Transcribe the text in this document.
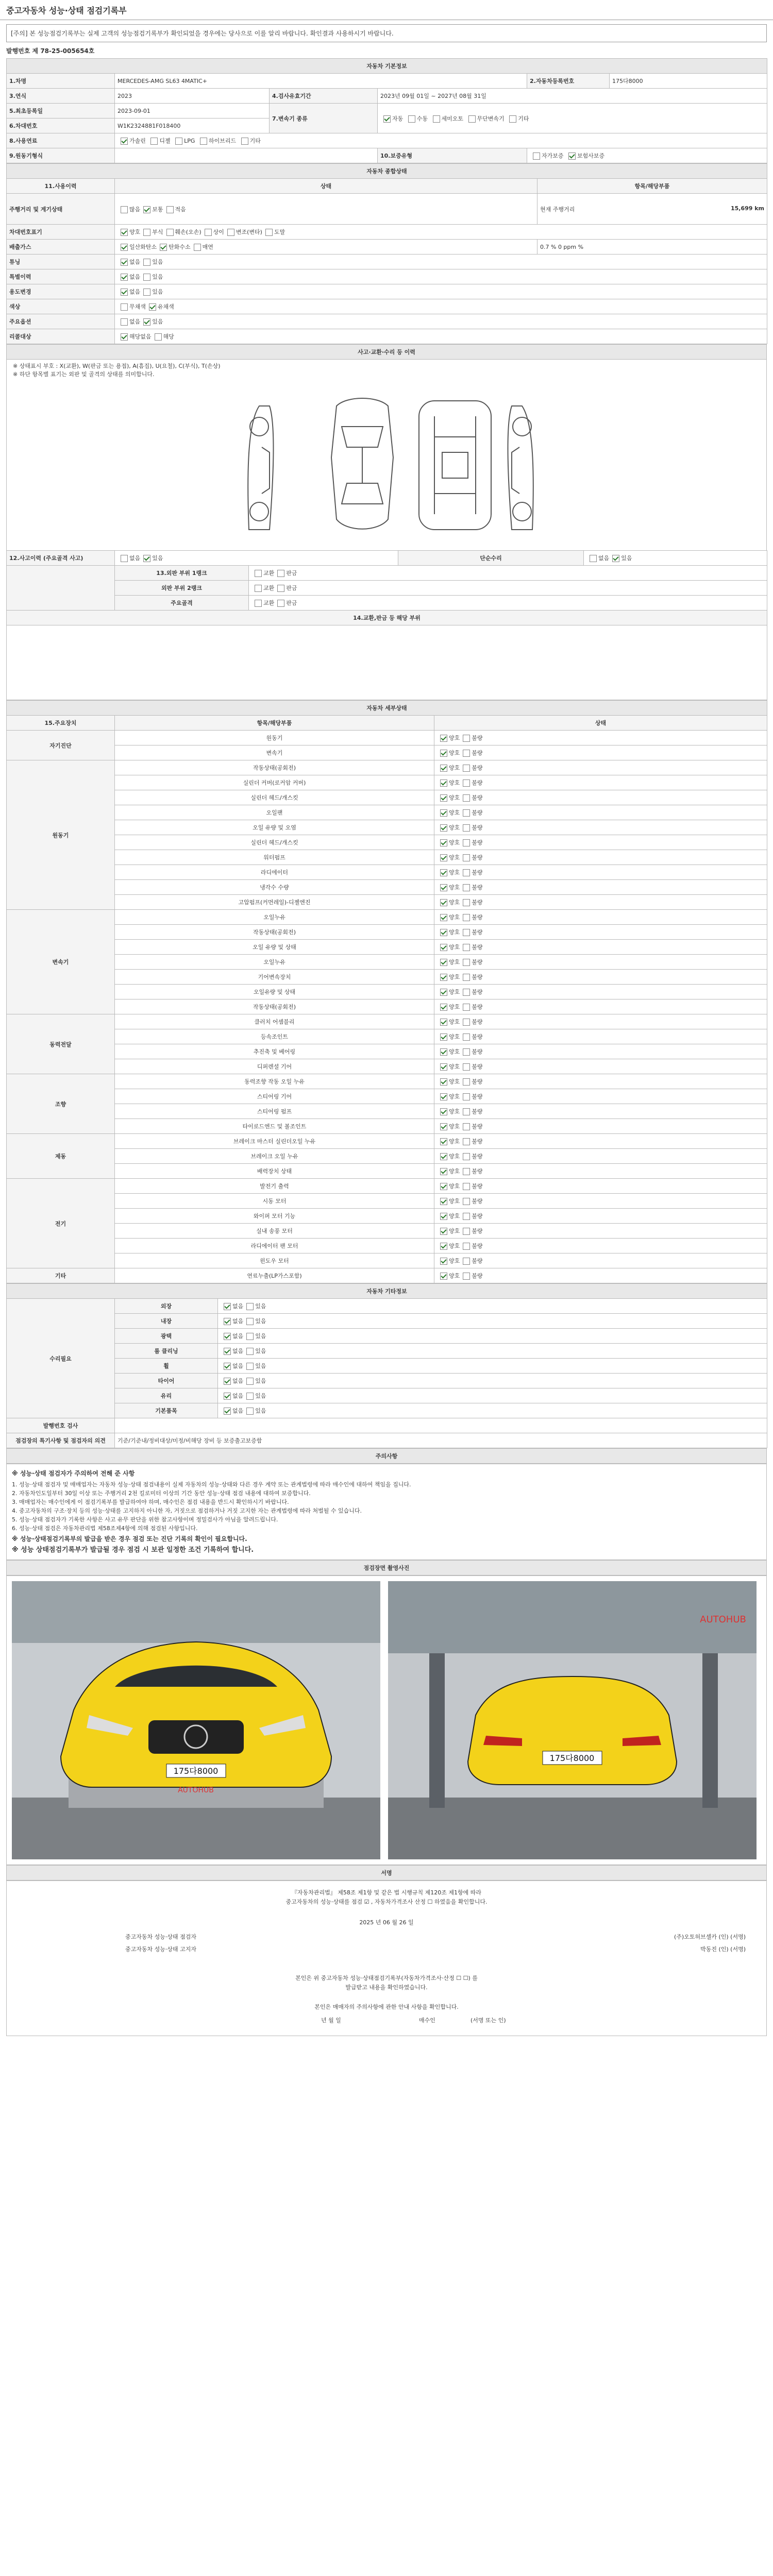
중고자동차 성능·상태 점검기록부
[주의] 본 성능점검기록부는 실제 고객의 성능점검기록부가 확인되었을 경우에는 당사으로 이를 알리 바랍니다. 확인결과 사용하시기 바랍니다.
발행번호 제 78-25-005654호
자동차 기본정보					
1.차명	MERCEDES-AMG SL63 4MATIC+			2.자동차등록번호	175다8000
3.연식	2023	4.검사유효기간	2023년 09월 01일 ~ 2027년 08월 31일		
5.최초등록일	2023-09-01	7.변속기 종류	자동 수동 세미오토 무단변속기 기타		
6.차대번호	W1K2324881F018400				
8.사용연료	가솔린 디젤 LPG 하이브리드 기타				
9.원동기형식			10.보증유형	자가보증 보험사보증	
자동차 종합상태		
11.사용이력	상태	항목/해당부품
주행거리 및 계기상태	많음 보통 적음	현재 주행거리 15,699 km

차대번호표기	양호 부식 훼손(오손) 상이 변조(변타) 도말	
배출가스	일산화탄소 탄화수소 매연	0.7 % 0 ppm %
튜닝	없음 있음	
특별이력	없음 있음	
용도변경	없음 있음	
색상	무채색 유채색	
주요옵션	없음 있음	
리콜대상	해당없음 해당	
사고·교환·수리 등 이력
※ 상태표시 부호 : X(교환), W(판금 또는 용접), A(흠집), U(요철), C(부식), T(손상)
※ 하단 항목별 표기는 외판 및 골격의 상태를 의미합니다.
12.사고이력 (주요골격 사고)	없음 있음		단순수리	없음 있음
	13.외판 부위 1랭크	교환 판금		
	외판 부위 2랭크	교환 판금		
	주요골격	교환 판금		
14.교환,판금 등 해당 부위				

자동차 세부상태		
15.주요장치	항목/해당부품	상태
자기진단	원동기	양호 불량
	변속기	양호 불량
원동기	작동상태(공회전)	양호 불량
	실린더 커버(로커암 커버)	양호 불량
	실린더 헤드/개스킷	양호 불량
	오일팬	양호 불량
	오일 유량 및 오염	양호 불량
	실린더 헤드/개스킷	양호 불량
	워터펌프	양호 불량
	라디에이터	양호 불량
	냉각수 수량	양호 불량
	고압펌프(커먼레일)-디젤엔진	양호 불량
변속기	오일누유	양호 불량
	작동상태(공회전)	양호 불량
	오일 유량 및 상태	양호 불량
	오일누유	양호 불량
	기어변속장치	양호 불량
	오일유량 및 상태	양호 불량
	작동상태(공회전)	양호 불량
동력전달	클러치 어셈블리	양호 불량
	등속조인트	양호 불량
	추진축 및 베어링	양호 불량
	디퍼렌셜 기어	양호 불량
조향	동력조향 작동 오일 누유	양호 불량
	스티어링 기어	양호 불량
	스티어링 펌프	양호 불량
	타이로드엔드 및 볼조인트	양호 불량
제동	브레이크 마스터 실린더오일 누유	양호 불량
	브레이크 오일 누유	양호 불량
	배력장치 상태	양호 불량
전기	발전기 출력	양호 불량
	시동 모터	양호 불량
	와이퍼 모터 기능	양호 불량
	실내 송풍 모터	양호 불량
	라디에이터 팬 모터	양호 불량
	윈도우 모터	양호 불량
기타	연료누출(LP가스포함)	양호 불량
자동차 기타정보		
수리필요	외장	없음 있음
	내장	없음 있음
	광택	없음 있음
	룸 클리닝	없음 있음
	휠	없음 있음
	타이어	없음 있음
	유리	없음 있음
	기본품목	없음 있음
발행번호 검사		
점검장의 특기사항 및 점검자의 의견	기준/기준내/정비대상/미정/비해당 장비 등 보증출고보증함	
주의사항
※ 성능·상태 점검자가 주의하여 전해 준 사항
1. 성능·상태 점검자 및 매매업자는 자동차 성능·상태 점검내용이 실제 자동차의 성능·상태와 다른 경우 계약 또는 관계법령에 따라 매수인에 대하여 책임을 집니다.
2. 자동차인도일부터 30일 이상 또는 주행거리 2천 킬로미터 이상의 기간 동안 성능·상태 점검 내용에 대하여 보증합니다.
3. 매매업자는 매수인에게 이 점검기록부를 발급하여야 하며, 매수인은 점검 내용을 반드시 확인하시기 바랍니다.
4. 중고자동차의 구조·장치 등의 성능·상태를 고지하지 아니한 자, 거짓으로 점검하거나 거짓 고지한 자는 관계법령에 따라 처벌될 수 있습니다.
5. 성능·상태 점검자가 기록한 사항은 사고 유무 판단을 위한 참고사항이며 정밀검사가 아님을 알려드립니다.
6. 성능·상태 점검은 자동차관리법 제58조제4항에 의해 점검된 사항입니다.
※ 성능·상태점검기록부의 발급을 받은 경우 점검 또는 진단 기록의 확인이 필요합니다.
※ 성능 상태점검기록부가 발급될 경우 점검 시 보관 일정한 조건 기록하여 합니다.
점검장면 촬영사진
175다8000
AUTOHUB
175다8000
AUTOHUB
서명
『자동차관리법』 제58조 제1항 및 같은 법 시행규칙 제120조 제1항에 따라
중고자동차의 성능·상태를 점검 ☑ , 자동차가격조사 산정 ☐ 하였음을 확인합니다.
2025 년 06 월 26 일
중고자동차 성능·상태 점검자	(주)오토허브셀카 (인) (서명)
중고자동차 성능·상태 고지자	박동진 (인) (서명)
본인은 위 중고자동차 성능·상태점검기록부(자동차가격조사·산정 ☐ ☐) 를
발급받고 내용을 확인하였습니다.
본인은 매매자의 주의사항에 관한 안내 사항을 확인합니다.
년 월 일	매수인	(서명 또는 인)
